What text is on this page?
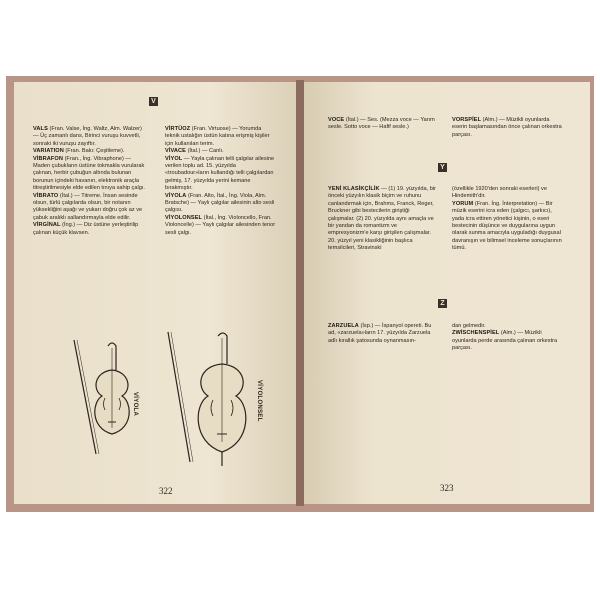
V
VALS (Fran. Valse, İng. Waltz, Alm. Walzer) — Üç zamanlı dans, Birinci vuruşu kuvvetli, sonraki iki vuruşu zayıftır.
VARIATION (Fran. Bakı: Çeşitleme).
VİBRAFON (Fran., İng. Vibraphone) — Maden çubukların üstüne tokmakla vurularak çalınan, herbir çubuğun altında bulunan borunun içindeki havanın, elektronik araçla titreştirilmesiyle elde edilen tınıya sahip çalgı.
VİBRATO (İtal.) — Titreme. İnsan sesinde olsun, türlü çalgılarda olsun, bir notanın yüksekliğini aşağı ve yukarı doğru çok az ve çabuk aralıklı sallandırmayla elde edilir.
VİRGİNAL (İng.) — Diz üstüne yerleştirilip çalınan küçük klavsen.
VİRTÜOZ (Fran. Virtuose) — Yorumda teknik ustalığın üstün katına erişmiş kişiler için kullanılan terim.
VİVACE (İtal.) — Canlı.
VİYOL — Yayla çalınan telli çalgılar ailesine verilen toplu ad. 15. yüzyılda «troubadour»ların kullandığı telli çalgılardan gelmiş, 17. yüzyılda yerini kemane bırakmıştır.
VİYOLA (Fran. Alto, İtal., İng. Viola, Alm. Bratsche) — Yaylı çalgılar ailesinin alto sesli çalgısı.
VİYOLONSEL (İtal., İng. Violoncello, Fran. Violoncelle) — Yaylı çalgılar ailesinden tenor sesli çalgı.
VİYOLA	VİYOLONSEL
322
VOCE (İtal.) — Ses. (Mezza voce — Yarım sesle. Sotto voce — Hafif sesle.)
VORSPİEL (Alm.) — Müzikli oyunlarda eserin başlamasından önce çalınan orkestra parçası.
Y
YENİ KLASİKÇİLİK — (1) 19. yüzyılda, bir önceki yüzyılın klasik biçim ve ruhunu canlandırmak için, Brahms, Franck, Reger, Bruckner gibi bestecilerin giriştiği çalışmalar. (2) 20. yüzyılda aynı amaçla ve bir yandan da romantizm ve empresyonizm'e karşı girişilen çalışmalar. 20. yüzyıl yeni klasikliğinin başlıca temsilcileri, Stravinski
(özellikle 1920'den sonraki eserleri) ve Hindemith'dir.
YORUM (Fran. İng. İnterpretation) — Bir müzik eserini icra eden (çalgıcı, şarkıcı), yada icra ettiren yönetici kişinin, o eseri bestecinin düşünce ve duygularına uygun olarak sunma amacıyla uyguladığı duygusal davranışın ve bilimsel inceleme sonuçlarının tümü.
Z
ZARZUELA (İsp.) — İspanyol opereti. Bu ad, «zarzuela»ların 17. yüzyılda Zarzuela adlı kırallık şatosunda oynanmasın-
dan gelmedir.
ZWİSCHENSPİEL (Alm.) — Müzikli oyunlarda perde arasında çalınan orkestra parçası.
323
